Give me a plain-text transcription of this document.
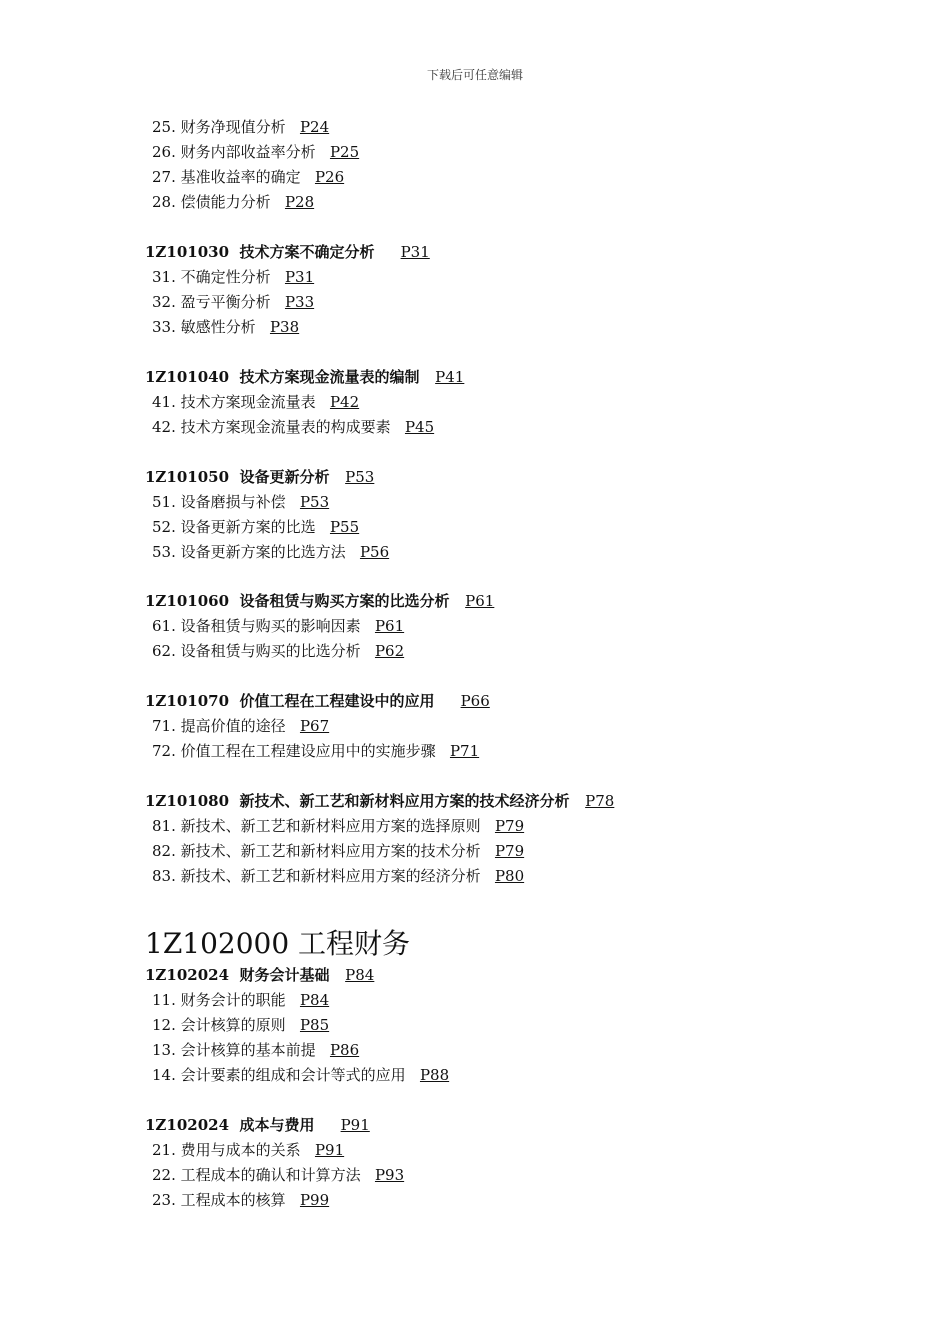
下载后可任意编辑
25. 财务净现值分析 P24
26. 财务内部收益率分析 P25
27. 基准收益率的确定 P26
28. 偿债能力分析 P28
1Z101030  技术方案不确定分析 P31
31. 不确定性分析 P31
32. 盈亏平衡分析 P33
33. 敏感性分析 P38
1Z101040  技术方案现金流量表的编制 P41
41. 技术方案现金流量表 P42
42. 技术方案现金流量表的构成要素 P45
1Z101050  设备更新分析 P53
51. 设备磨损与补偿 P53
52. 设备更新方案的比选 P55
53. 设备更新方案的比选方法 P56
1Z101060  设备租赁与购买方案的比选分析 P61
61. 设备租赁与购买的影响因素 P61
62. 设备租赁与购买的比选分析 P62
1Z101070  价值工程在工程建设中的应用 P66
71. 提高价值的途径 P67
72. 价值工程在工程建设应用中的实施步骤 P71
1Z101080  新技术、新工艺和新材料应用方案的技术经济分析 P78
81. 新技术、新工艺和新材料应用方案的选择原则 P79
82. 新技术、新工艺和新材料应用方案的技术分析 P79
83. 新技术、新工艺和新材料应用方案的经济分析 P80
1Z102024  财务会计基础 P84
11. 财务会计的职能 P84
12. 会计核算的原则 P85
13. 会计核算的基本前提 P86
14. 会计要素的组成和会计等式的应用 P88
1Z102024  成本与费用 P91
21. 费用与成本的关系 P91
22. 工程成本的确认和计算方法 P93
23. 工程成本的核算 P99
1Z102000 工程财务
